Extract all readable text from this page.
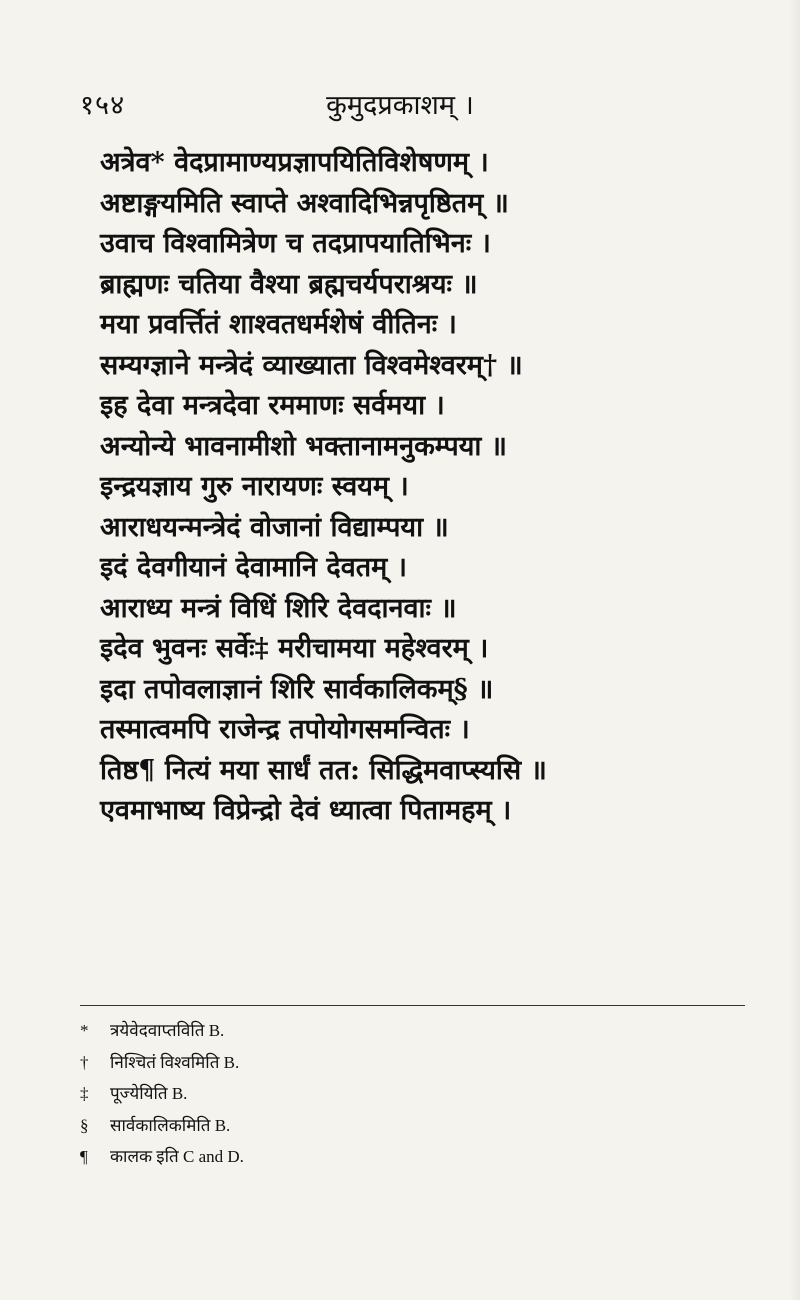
१५४	कुमुदप्रकाशम् ।
अत्रेव* वेदप्रामाण्यप्रज्ञापयितिविशेषणम् ।
अष्टाङ्गयमिति स्वाप्ते अश्वादिभिन्नपृष्ठितम् ॥
उवाच विश्वामित्रेण च तदप्रापयातिभिनः ।
ब्राह्मणः चतिया वैश्या ब्रह्मचर्यपराश्रयः ॥
मया प्रवर्त्तितं शाश्वतधर्मशेषं वीतिनः ।
सम्यग्ज्ञाने मन्त्रेदं व्याख्याता विश्वमेश्वरम्† ॥
इह देवा मन्त्रदेवा रममाणः सर्वमया ।
अन्योन्ये भावनामीशो भक्तानामनुकम्पया ॥
इन्द्रयज्ञाय गुरु नारायणः स्वयम् ।
आराधयन्मन्त्रेदं वोजानां विद्याम्पया ॥
इदं देवगीयानं देवामानि देवतम् ।
आराध्य मन्त्रं विधिं शिरि देवदानवाः ॥
इदेव भुवनः सर्वेः‡ मरीचामया महेश्वरम् ।
इदा तपोवलाज्ञानं शिरि सार्वकालिकम्§ ॥
तस्मात्वमपि राजेन्द्र तपोयोगसमन्वितः ।
तिष्ठ¶ नित्यं मया सार्धं तत: सिद्धिमवाप्स्यसि ॥
एवमाभाष्य विप्रेन्द्रो देवं ध्यात्वा पितामहम् ।
* त्रयेवेदवाप्तविति B.
† निश्चितं विश्वमिति B.
‡ पूज्येयिति B.
§ सार्वकालिकमिति B.
¶ कालक इति C and D.
